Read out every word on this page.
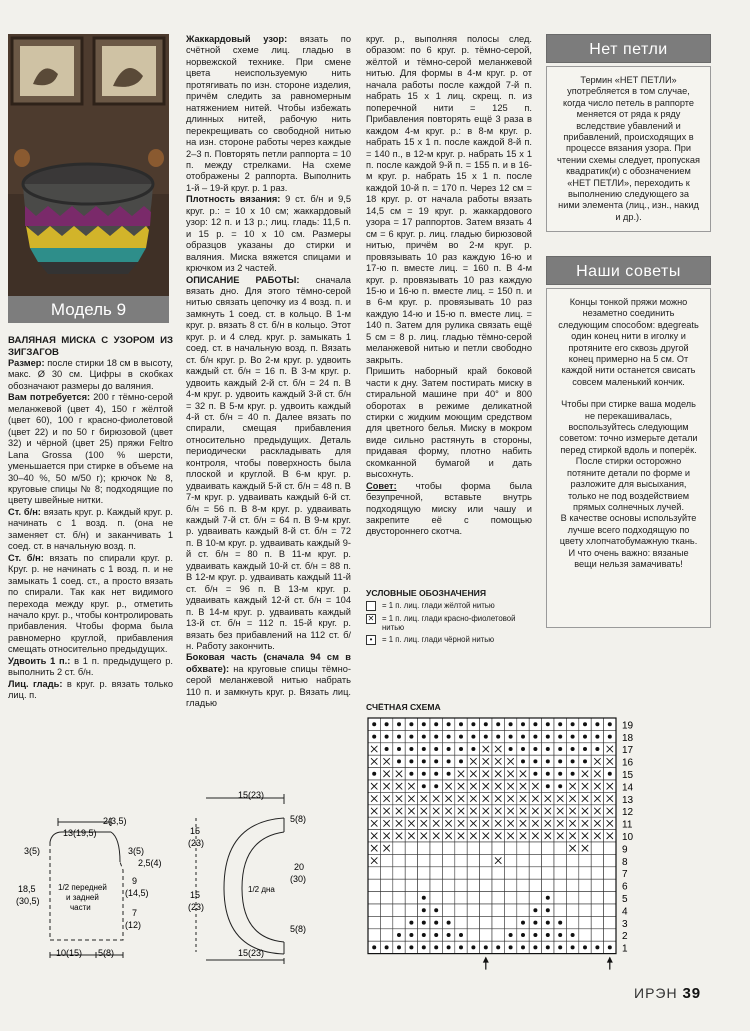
Модель 9

ВАЛЯНАЯ МИСКА С УЗОРОМ ИЗ ЗИГЗАГОВ

Размер: после стирки 18 см в высоту, макс. Ø 30 см. Цифры в скобках обозначают размеры до валяния.

Вам потребуется: 200 г тёмно-серой меланжевой (цвет 4), 150 г жёлтой (цвет 60), 100 г красно-фиолетовой (цвет 22) и по 50 г бирюзовой (цвет 32) и чёрной (цвет 25) пряжи Feltro Lana Grossa (100 % шерсти, уменьшается при стирке в объеме на 30–40 %, 50 м/50 г); крючок № 8, круговые спицы № 8; подходящие по цвету швейные нитки.

Ст. б/н: вязать круг. р. Каждый круг. р. начинать с 1 возд. п. (она не заменяет ст. б/н) и заканчивать 1 соед. ст. в начальную возд. п.

Ст. б/н: вязать по спирали круг. р. Круг. р. не начинать с 1 возд. п. и не замыкать 1 соед. ст., а просто вязать по спирали. Так как нет видимого перехода между круг. р., отметить начало круг. р., чтобы контролировать прибавления. Чтобы форма была равномерно круглой, прибавления смещать относительно предыдущих.

Удвоить 1 п.: в 1 п. предыдущего р. выполнить 2 ст. б/н.

Лиц. гладь: в круг. р. вязать только лиц. п.

Жаккардовый узор: вязать по счётной схеме лиц. гладью в норвежской технике. При смене цвета неиспользуемую нить протягивать по изн. стороне изделия, причём следить за равномерным натяжением нитей. Чтобы избежать длинных нитей, рабочую нить перекрещивать со свободной нитью на изн. стороне работы через каждые 2–3 п. Повторять петли раппорта = 10 п. между стрелками. На схеме отображены 2 раппорта. Выполнить 1-й – 19-й круг. р. 1 раз.

Плотность вязания: 9 ст. б/н и 9,5 круг. р.: = 10 х 10 см; жаккардовый узор: 12 п. и 13 р.; лиц. гладь: 11,5 п. и 15 р. = 10 х 10 см. Размеры образцов указаны до стирки и валяния. Миска вяжется спицами и крючком из 2 частей.

ОПИСАНИЕ РАБОТЫ: сначала вязать дно. Для этого тёмно-серой нитью связать цепочку из 4 возд. п. и замкнуть 1 соед. ст. в кольцо. В 1-м круг. р. вязать 8 ст. б/н в кольцо. Этот круг. р. и 4 след. круг. р. замыкать 1 соед. ст. в начальную возд. п. Вязать ст. б/н круг. р. Во 2-м круг. р. удвоить каждый ст. б/н = 16 п. В 3-м круг. р. удвоить каждый 2-й ст. б/н = 24 п. В 4-м круг. р. удвоить каждый 3-й ст. б/н = 32 п. В 5-м круг. р. удвоить каждый 4-й ст. б/н = 40 п. Далее вязать по спирали, смещая прибавления относительно предыдущих. Деталь периодически раскладывать для контроля, чтобы поверхность была плоской и круглой. В 6-м круг. р. удваивать каждый 5-й ст. б/н = 48 п. В 7-м круг. р. удваивать каждый 6-й ст. б/н = 56 п. В 8-м круг. р. удваивать каждый 7-й ст. б/н = 64 п. В 9-м круг. р. удваивать каждый 8-й ст. б/н = 72 п. В 10-м круг. р. удваивать каждый 9-й ст. б/н = 80 п. В 11-м круг. р. удваивать каждый 10-й ст. б/н = 88 п. В 12-м круг. р. удваивать каждый 11-й ст. б/н = 96 п. В 13-м круг. р. удваивать каждый 12-й ст. б/н = 104 п. В 14-м круг. р. удваивать каждый 13-й ст. б/н = 112 п. 15-й круг. р. вязать без прибавлений на 112 ст. б/н. Работу закончить.

Боковая часть (сначала 94 см в обхвате): на круговые спицы тёмно-серой меланжевой нитью набрать 110 п. и замкнуть круг. р. Вязать лиц. гладью

круг. р., выполняя полосы след. образом: по 6 круг. р. тёмно-серой, жёлтой и тёмно-серой меланжевой нитью. Для формы в 4-м круг. р. от начала работы после каждой 7-й п. набрать 15 х 1 лиц. скрещ. п. из поперечной нити = 125 п. Прибавления повторять ещё 3 раза в каждом 4-м круг. р.: в 8-м круг. р. набрать 15 х 1 п. после каждой 8-й п. = 140 п., в 12-м круг. р. набрать 15 х 1 п. после каждой 9-й п. = 155 п. и в 16-м круг. р. набрать 15 х 1 п. после каждой 10-й п. = 170 п. Через 12 см = 18 круг. р. от начала работы вязать 14,5 см = 19 круг. р. жаккардового узора = 17 раппортов. Затем вязать 4 см = 6 круг. р. лиц. гладью бирюзовой нитью, причём во 2-м круг. р. провязывать 10 раз каждую 16-ю и 17-ю п. вместе лиц. = 160 п. В 4-м круг. р. провязывать 10 раз каждую 15-ю и 16-ю п. вместе лиц. = 150 п. и в 6-м круг. р. провязывать 10 раз каждую 14-ю и 15-ю п. вместе лиц. = 140 п. Затем для рулика связать ещё 5 см = 8 р. лиц. гладью тёмно-серой меланжевой нитью и петли свободно закрыть.

Пришить наборный край боковой части к дну. Затем постирать миску в стиральной машине при 40° и 800 оборотах в режиме деликатной стирки с жидким моющим средством для цветного белья. Миску в мокром виде сильно растянуть в стороны, придавая форму, плотно набить скомканной бумагой и дать высохнуть.

Совет: чтобы форма была безупречной, вставьте внутрь подходящую миску или чашу и закрепите её с помощью двустороннего скотча.

УСЛОВНЫЕ ОБОЗНАЧЕНИЯ
= 1 п. лиц. глади жёлтой нитью
✕ = 1 п. лиц. глади красно-фиолетовой нитью
•	= 1 п. лиц. глади чёрной нитью
СЧЁТНАЯ СХЕМА
19
18
17
16
15
14
13
12
11
10
9
8
7
6
5
4
3
2
1
Нет петли

Термин «НЕТ ПЕТЛИ» употребляется в том случае, когда число петель в раппорте меняется от ряда к ряду вследствие убавлений и прибавлений, происходящих в процессе вязания узора. При чтении схемы следует, пропуская квадратик(и) с обозначением «НЕТ ПЕТЛИ», переходить к выполнению следующего за ними элемента (лиц., изн., накид и др.).

Наши советы

Концы тонкой пряжи можно незаметно соединить следующим способом: вдеgreatь один конец нити в иголку и протяните его сквозь другой конец примерно на 5 см. От каждой нити останется свисать совсем маленький кончик.

Чтобы при стирке ваша модель не перекашивалась, воспользуйтесь следующим советом: точно измерьте детали перед стиркой вдоль и поперёк. После стирки осторожно потяните детали по форме и разложите для высыхания, только не под воздействием прямых солнечных лучей.

В качестве основы используйте лучше всего подходящую по цвету хлопчатобумажную ткань. И что очень важно: вязаные вещи нельзя замачивать!

2(3,5)
13(19,5)
3(5)	3(5)
2,5(4)
18,5
(30,5)
9
(14,5)
7
(12)
1/2 передней
и задней
части
10(15) 5(8)
15(23)
15(23)
15
(23)
15
(23)
5(8)
20
(30)
5(8)
1/2 дна
ИРЭН 39
